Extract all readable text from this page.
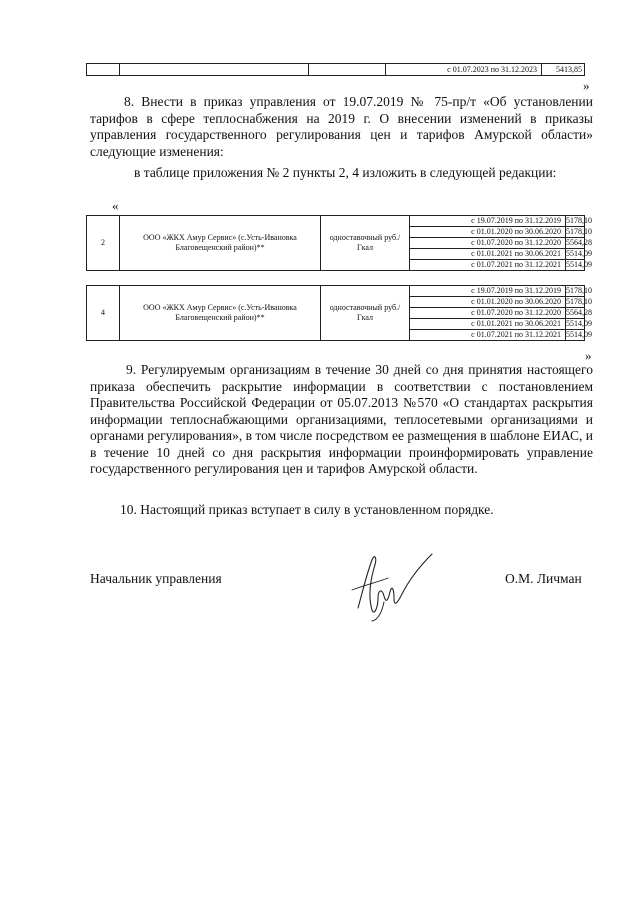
			с 01.07.2023 по 31.12.2023	5413,85
»
8. Внести в приказ управления от 19.07.2019 № 75-пр/т «Об установлении тарифов в сфере теплоснабжения на 2019 г. О внесении изменений в приказы управления государственного регулирования цен и тарифов Амурской области» следующие изменения:
в таблице приложения № 2 пункты 2, 4 изложить в следующей редакции:
«
2	ООО «ЖКХ Амур Сервис» (с.Усть-Ивановка Благовещенский район)**	одноставочный руб./Гкал	с 19.07.2019 по 31.12.2019	5178,10
			с 01.01.2020 по 30.06.2020	5178,10
			с 01.07.2020 по 31.12.2020	5564,28
			с 01.01.2021 по 30.06.2021	5514,09
			с 01.07.2021 по 31.12.2021	5514,09
4	ООО «ЖКХ Амур Сервис» (с.Усть-Ивановка Благовещенский район)**	одноставочный руб./Гкал	с 19.07.2019 по 31.12.2019	5178,10
			с 01.01.2020 по 30.06.2020	5178,10
			с 01.07.2020 по 31.12.2020	5564,28
			с 01.01.2021 по 30.06.2021	5514,09
			с 01.07.2021 по 31.12.2021	5514,09
»
9. Регулируемым организациям в течение 30 дней со дня принятия настоящего приказа обеспечить раскрытие информации в соответствии с постановлением Правительства Российской Федерации от 05.07.2013 №570 «О стандартах раскрытия информации теплоснабжающими организациями, теплосетевыми организациями и органами регулирования», в том числе посредством ее размещения в шаблоне ЕИАС, и в течение 10 дней со дня раскрытия информации проинформировать управление государственного регулирования цен и тарифов Амурской области.
10. Настоящий приказ вступает в силу в установленном порядке.
Начальник управления	О.М. Личман
